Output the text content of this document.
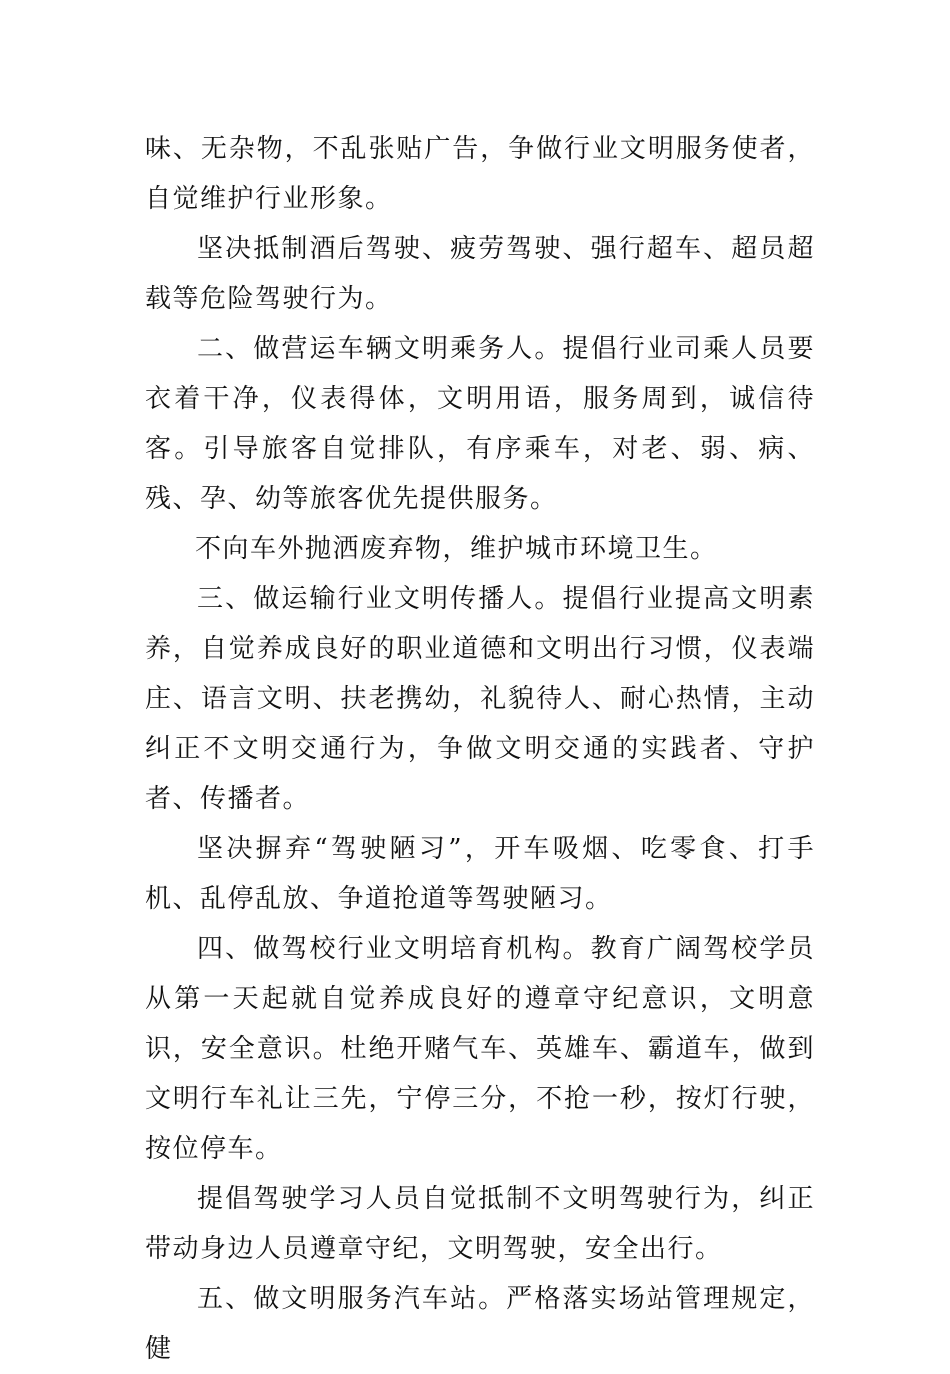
味、无杂物，不乱张贴广告，争做行业文明服务使者，自觉维护行业形象。

坚决抵制酒后驾驶、疲劳驾驶、强行超车、超员超载等危险驾驶行为。

二、做营运车辆文明乘务人。提倡行业司乘人员要衣着干净，仪表得体，文明用语，服务周到，诚信待客。引导旅客自觉排队，有序乘车，对老、弱、病、残、孕、幼等旅客优先提供服务。

不向车外抛洒废弃物，维护城市环境卫生。

三、做运输行业文明传播人。提倡行业提高文明素养，自觉养成良好的职业道德和文明出行习惯，仪表端庄、语言文明、扶老携幼，礼貌待人、耐心热情，主动纠正不文明交通行为，争做文明交通的实践者、守护者、传播者。

坚决摒弃“驾驶陋习”，开车吸烟、吃零食、打手机、乱停乱放、争道抢道等驾驶陋习。

四、做驾校行业文明培育机构。教育广阔驾校学员从第一天起就自觉养成良好的遵章守纪意识，文明意识，安全意识。杜绝开赌气车、英雄车、霸道车，做到文明行车礼让三先，宁停三分，不抢一秒，按灯行驶，按位停车。

提倡驾驶学习人员自觉抵制不文明驾驶行为，纠正带动身边人员遵章守纪，文明驾驶，安全出行。

五、做文明服务汽车站。严格落实场站管理规定，健
